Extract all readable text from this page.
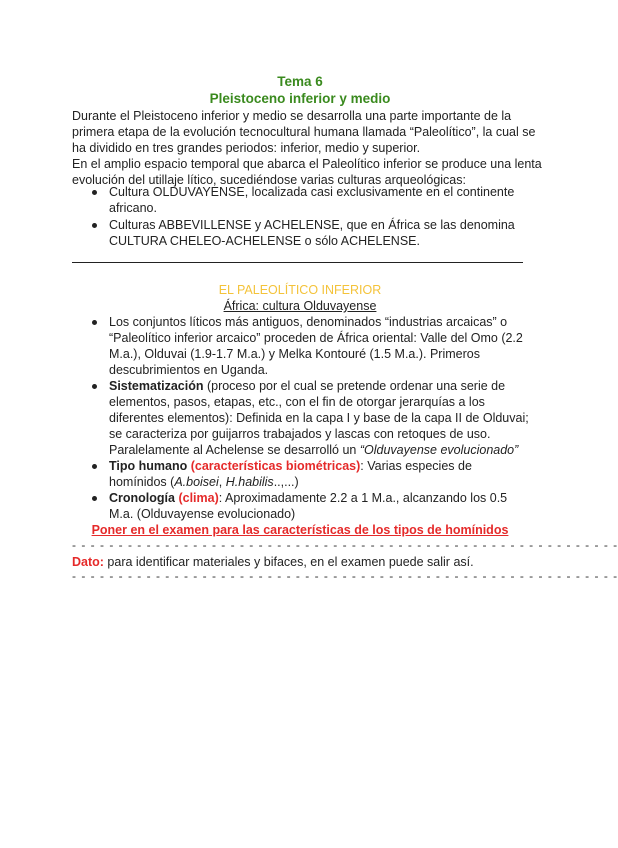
Tema 6
Pleistoceno inferior y medio

Durante el Pleistoceno inferior y medio se desarrolla una parte importante de la primera etapa de la evolución tecnocultural humana llamada “Paleolítico”, la cual se ha dividido en tres grandes periodos: inferior, medio y superior.

En el amplio espacio temporal que abarca el Paleolítico inferior se produce una lenta evolución del utillaje lítico, sucediéndose varias culturas arqueológicas:

Cultura OLDUVAYENSE, localizada casi exclusivamente en el continente africano.
Culturas ABBEVILLENSE y ACHELENSE, que en África se las denomina CULTURA CHELEO-ACHELENSE o sólo ACHELENSE.
EL PALEOLÍTICO INFERIOR
África: cultura Olduvayense
Los conjuntos líticos más antiguos, denominados “industrias arcaicas” o “Paleolítico inferior arcaico” proceden de África oriental: Valle del Omo (2.2 M.a.), Olduvai (1.9-1.7 M.a.) y Melka Kontouré (1.5 M.a.). Primeros descubrimientos en Uganda.
Sistematización (proceso por el cual se pretende ordenar una serie de elementos, pasos, etapas, etc., con el fin de otorgar jerarquías a los diferentes elementos): Definida en la capa I y base de la capa II de Olduvai; se caracteriza por guijarros trabajados y lascas con retoques de uso. Paralelamente al Achelense se desarrolló un “Olduvayense evolucionado”
Tipo humano (características biométricas): Varias especies de homínidos (A.boisei, H.habilis..,...)
Cronología (clima): Aproximadamente 2.2 a 1 M.a., alcanzando los 0.5 M.a. (Olduvayense evolucionado)
Poner en el examen para las características de los tipos de homínidos
- - - - - - - - - - - - - - - - - - - - - - - - - - - - - - - - - - - - - - - - - - - - - - - - - - - - - - - - - - -
Dato: para identificar materiales y bifaces, en el examen puede salir así.
- - - - - - - - - - - - - - - - - - - - - - - - - - - - - - - - - - - - - - - - - - - - - - - - - - - - - - - - - - -
